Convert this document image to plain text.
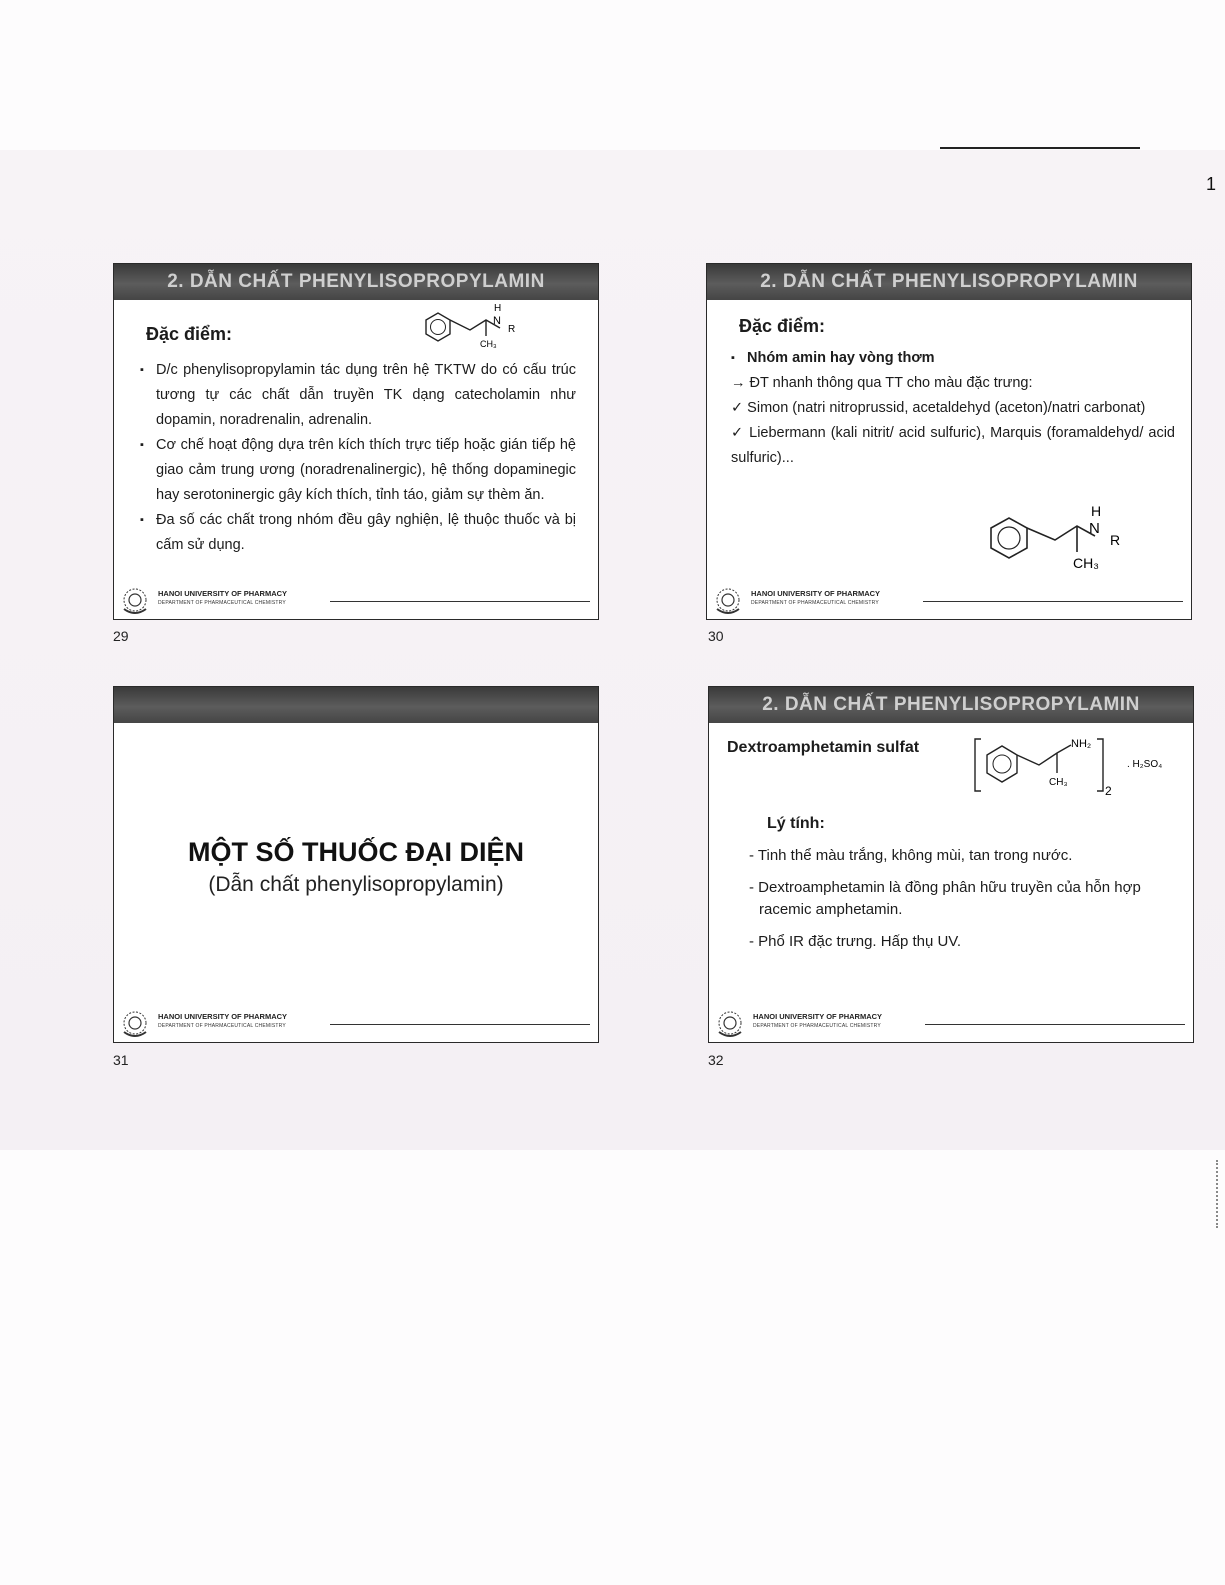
1
2. DẪN CHẤT PHENYLISOPROPYLAMIN
Đặc điểm:
H
N
R
CH₃
▪ D/c phenylisopropylamin tác dụng trên hệ TKTW do có cấu trúc tương tự các chất dẫn truyền TK dạng catecholamin như dopamin, noradrenalin, adrenalin.
▪ Cơ chế hoạt động dựa trên kích thích trực tiếp hoặc gián tiếp hệ giao cảm trung ương (noradrenalinergic), hệ thống dopaminegic hay serotoninergic gây kích thích, tỉnh táo, giảm sự thèm ăn.
▪ Đa số các chất trong nhóm đều gây nghiện, lệ thuộc thuốc và bị cấm sử dụng.
HANOI UNIVERSITY OF PHARMACY
DEPARTMENT OF PHARMACEUTICAL CHEMISTRY
29
2. DẪN CHẤT PHENYLISOPROPYLAMIN
Đặc điểm:
▪ Nhóm amin hay vòng thơm
→ ĐT nhanh thông qua TT cho màu đặc trưng:
✓ Simon (natri nitroprussid, acetaldehyd (aceton)/natri carbonat)
✓ Liebermann (kali nitrit/ acid sulfuric), Marquis (foramaldehyd/ acid sulfuric)...
H
N
R
CH₃
HANOI UNIVERSITY OF PHARMACY
DEPARTMENT OF PHARMACEUTICAL CHEMISTRY
30
MỘT SỐ THUỐC ĐẠI DIỆN
(Dẫn chất phenylisopropylamin)
HANOI UNIVERSITY OF PHARMACY
DEPARTMENT OF PHARMACEUTICAL CHEMISTRY
31
2. DẪN CHẤT PHENYLISOPROPYLAMIN
Dextroamphetamin sulfat	NH₂
CH₃
2
. H₂SO₄
Lý tính:
- Tinh thể màu trắng, không mùi, tan trong nước.
- Dextroamphetamin là đồng phân hữu truyền của hỗn hợp racemic amphetamin.
- Phổ IR đặc trưng. Hấp thụ UV.
HANOI UNIVERSITY OF PHARMACY
DEPARTMENT OF PHARMACEUTICAL CHEMISTRY
32
